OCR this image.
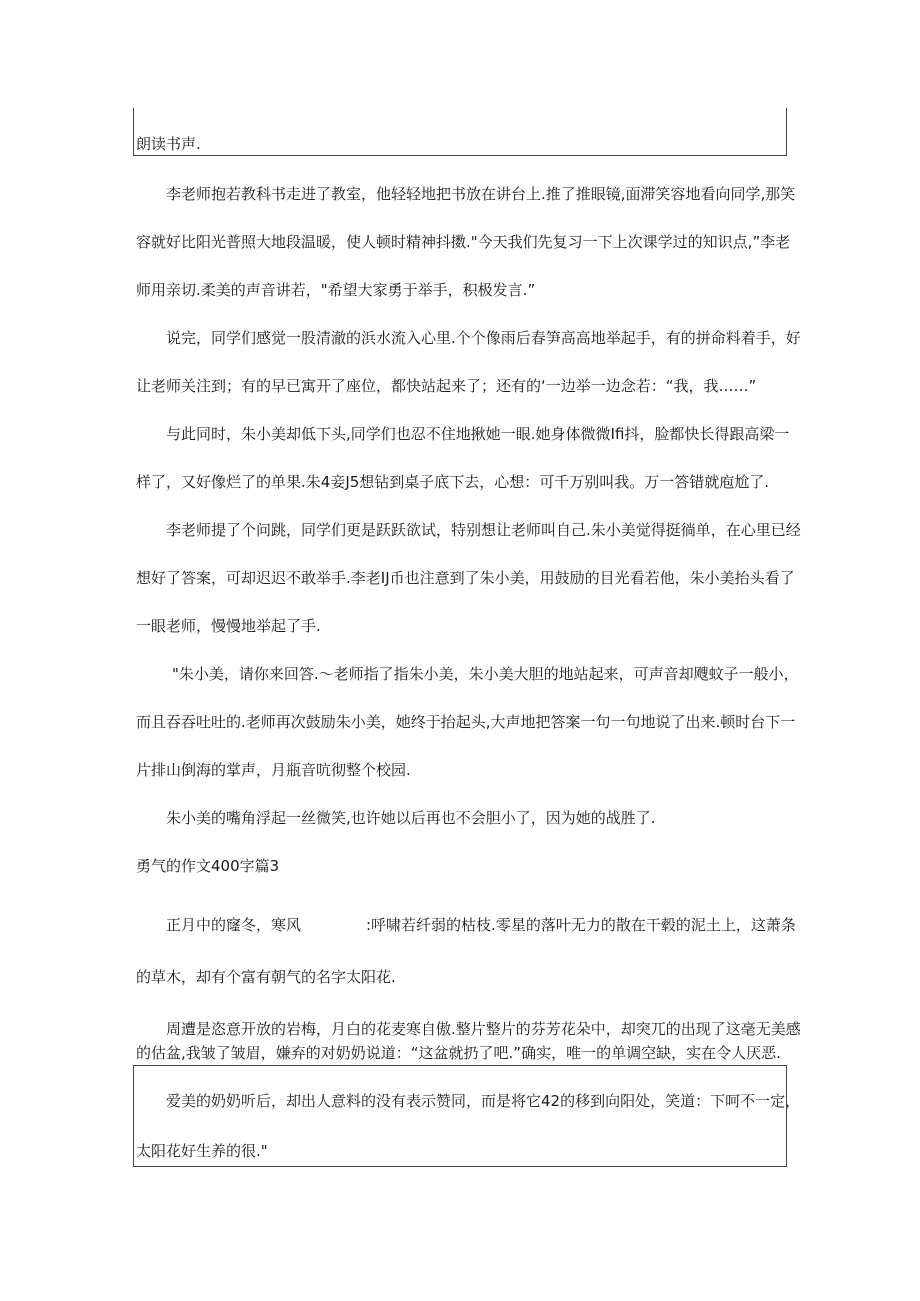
朗读书声.

李老师抱若教科书走进了教室，他轻轻地把书放在讲台上.推了推眼镜,面滞笑容地看向同学,那笑

容就好比阳光普照大地段温暖，使人顿时精神抖擞."今天我们先复习一下上次课学过的知识点,”李老

师用亲切.柔美的声音讲若，"希望大家勇于举手，积极发言.”

说完，同学们感觉一股清澈的浜水流入心里.个个像雨后春笋高高地举起手，有的拼命料着手，好

让老师关注到；有的早已寓开了座位，都快站起来了；还有的‘一边举一边念若：“我，我……”

与此同时，朱小美却低下头,同学们也忍不住地揪她一眼.她身体微微Ifi抖，脸都快长得跟高梁一

样了，又好像烂了的单果.朱4妾J5想钻到桌子底下去，心想：可千万别叫我。万一答错就庖尬了.

李老师提了个问跳，同学们更是跃跃欲试，特别想让老师叫自己.朱小美觉得挺徜单，在心里已经

想好了答案，可却迟迟不敢举手.李老IJ币也注意到了朱小美，用鼓励的目光看若他，朱小美抬头看了

一眼老师，慢慢地举起了手.

"朱小美，请你来回答.〜老师指了指朱小美，朱小美大胆的地站起来，可声音却飕蚊子一般小，

而且吞吞吐吐的.老师再次鼓励朱小美，她终于抬起头,大声地把答案一句一句地说了出来.顿时台下一

片排山倒海的掌声，月瓶音吭彻整个校园.

朱小美的嘴角浮起一丝微笑,也许她以后再也不会胆小了，因为她的战胜了.

勇气的作文400字篇3

正月中的窿冬，寒风	:呼啸若纤弱的枯枝.零星的落叶无力的散在干毂的泥土上，这萧条

的草木，却有个富有朝气的名字太阳花.

周遭是恣意开放的岩梅，月白的花麦寒自傲.整片整片的芬芳花朵中，却突兀的出现了这毫无美感

的估盆,我皱了皱眉，嫌弃的对奶奶说道：“这盆就扔了吧.”确实，唯一的单调空缺，实在令人厌恶.

爱美的奶奶听后，却出人意料的没有表示赞同，而是将它42的移到向阳处，笑道：下呵不一定，

太阳花好生养的很."
